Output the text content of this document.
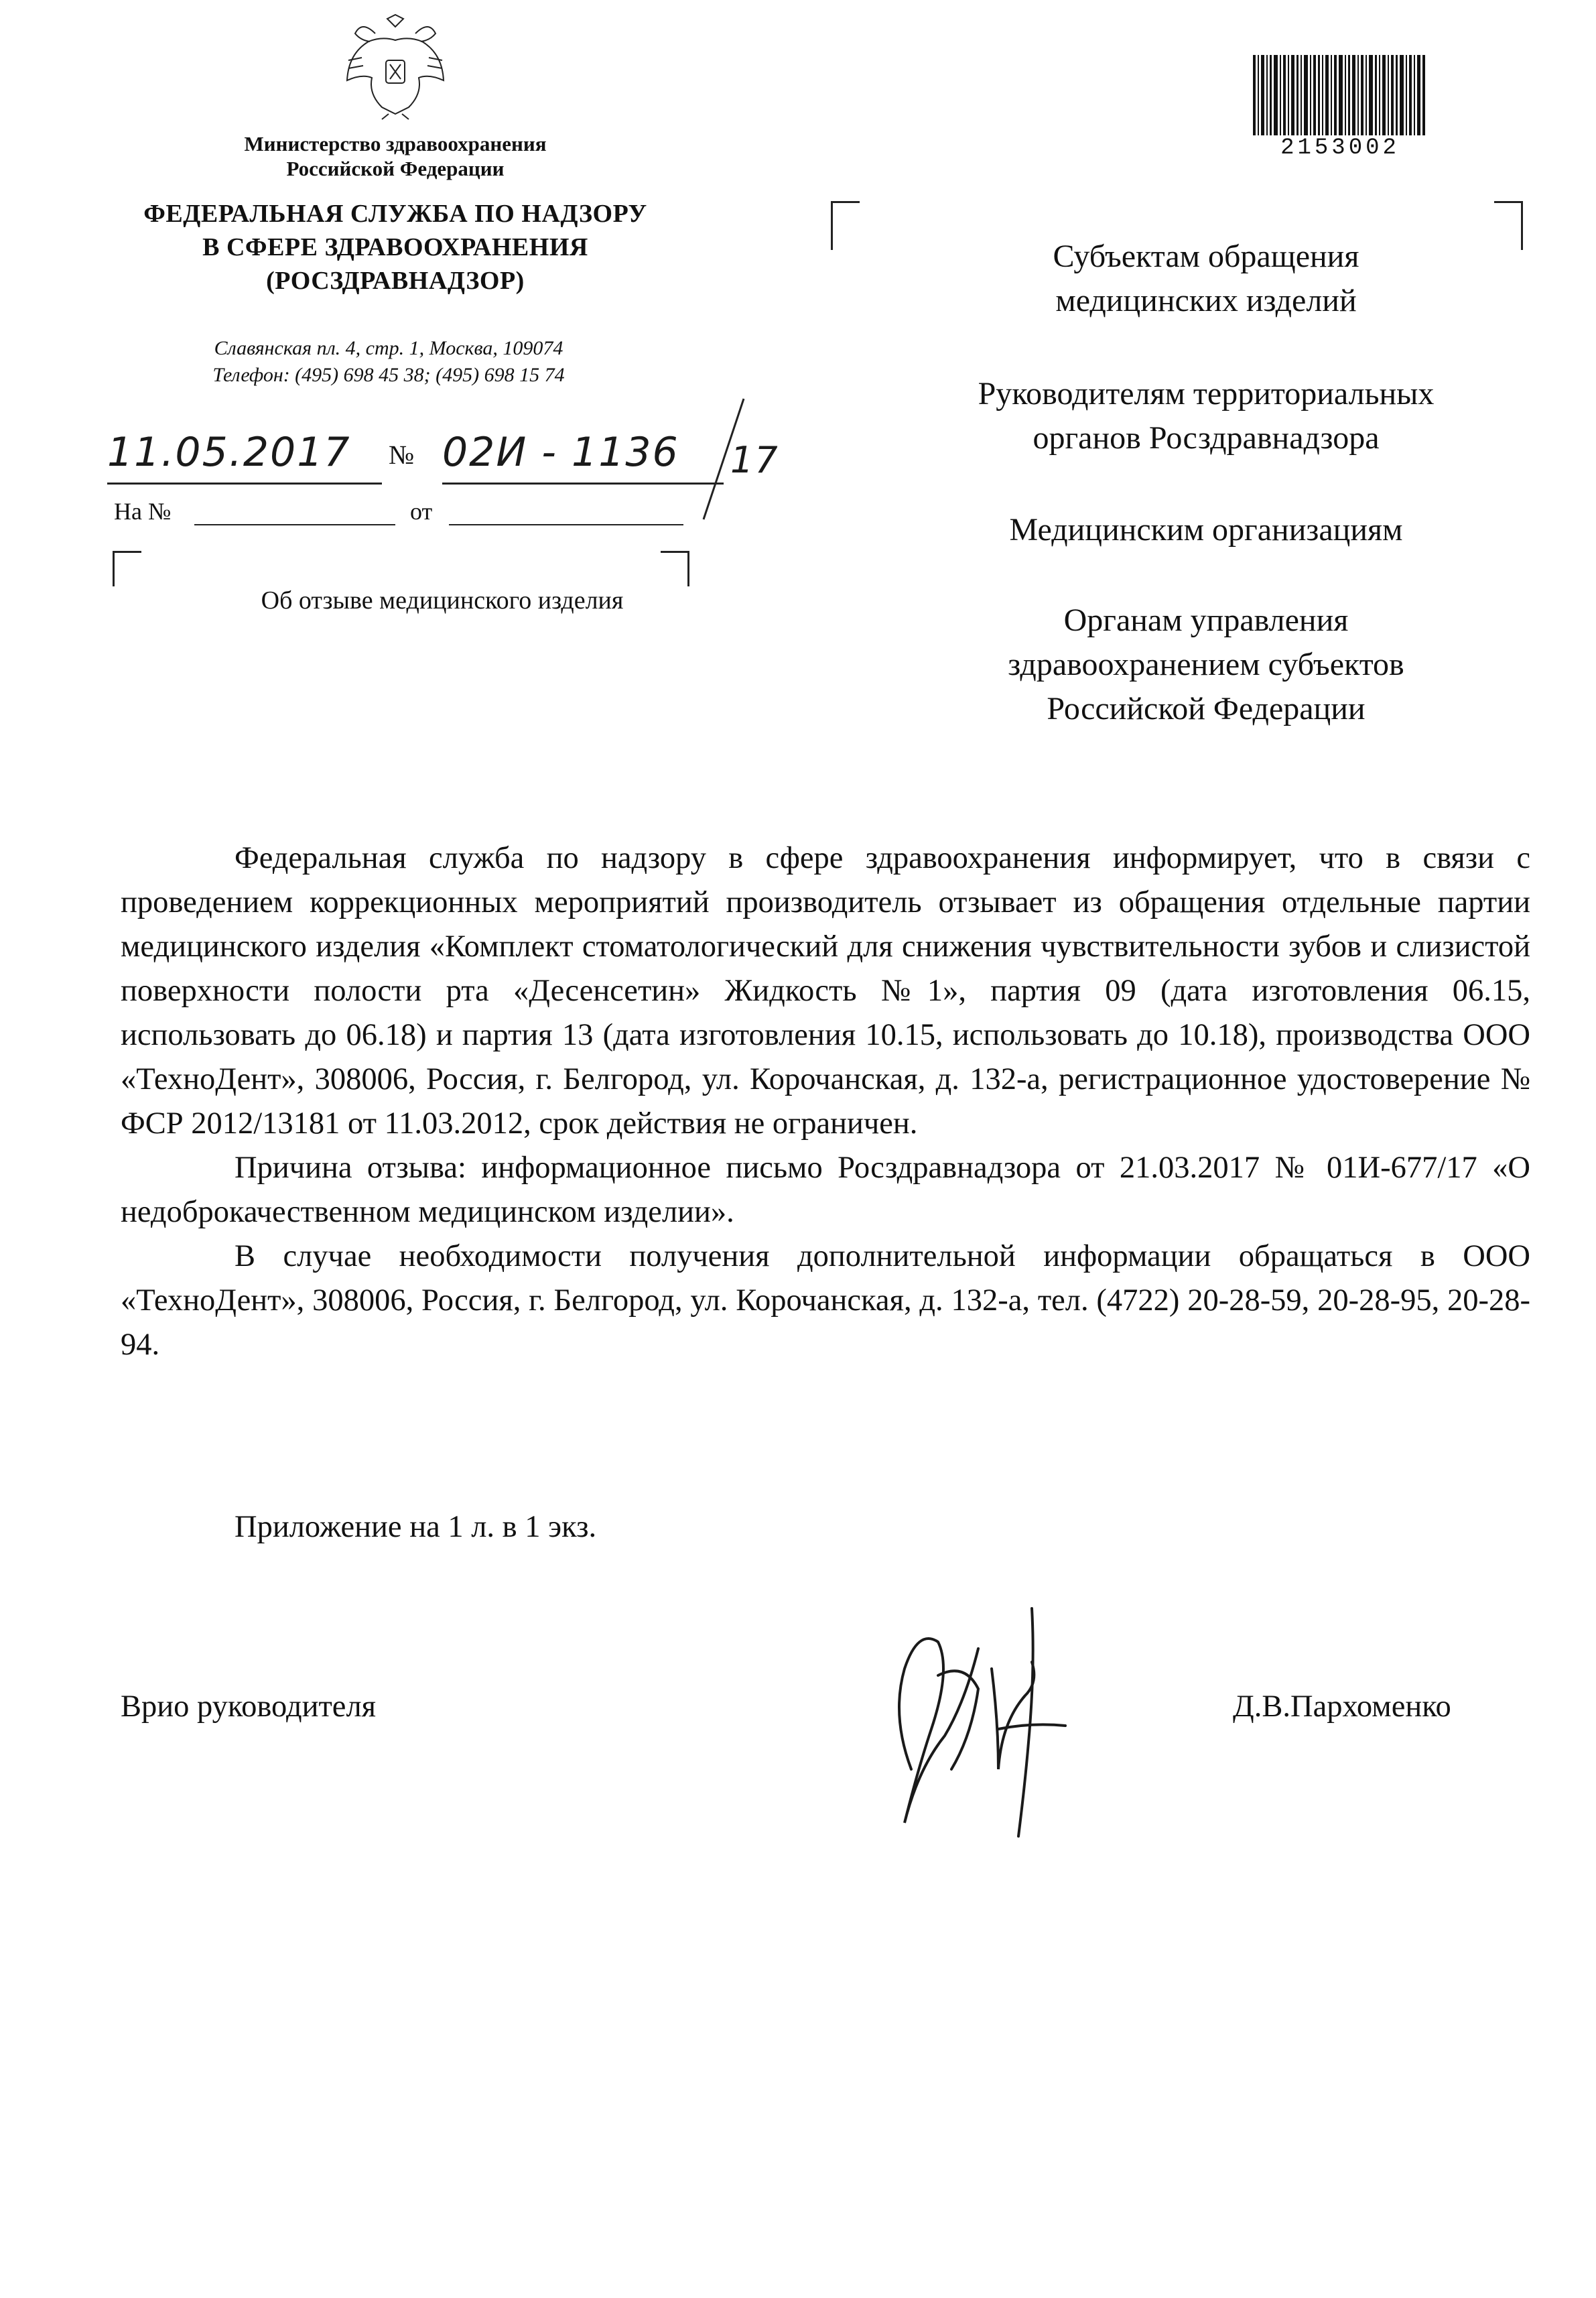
Министерство здравоохранения
Российской Федерации
ФЕДЕРАЛЬНАЯ СЛУЖБА ПО НАДЗОРУ
В СФЕРЕ ЗДРАВООХРАНЕНИЯ
(РОСЗДРАВНАДЗОР)
Славянская пл. 4, стр. 1, Москва, 109074
Телефон: (495) 698 45 38; (495) 698 15 74
11.05.2017 № 02И - 1136 17
На №	от
Об отзыве медицинского изделия
2153002
Субъектам обращения
медицинских изделий
Руководителям территориальных
органов Росздравнадзора
Медицинским организациям
Органам управления
здравоохранением субъектов
Российской Федерации

Федеральная служба по надзору в сфере здравоохранения информирует, что в связи с проведением коррекционных мероприятий производитель отзывает из обращения отдельные партии медицинского изделия «Комплект стоматологический для снижения чувствительности зубов и слизистой поверхности полости рта «Десенсетин» Жидкость №1», партия 09 (дата изготовления 06.15, использовать до 06.18) и партия 13 (дата изготовления 10.15, использовать до 10.18), производства ООО «ТехноДент», 308006, Россия, г. Белгород, ул. Корочанская, д. 132-а, регистрационное удостоверение № ФСР 2012/13181 от 11.03.2012, срок действия не ограничен.

Причина отзыва: информационное письмо Росздравнадзора от 21.03.2017 № 01И-677/17 «О недоброкачественном медицинском изделии».

В случае необходимости получения дополнительной информации обращаться в ООО «ТехноДент», 308006, Россия, г. Белгород, ул. Корочанская, д. 132-а, тел. (4722) 20-28-59, 20-28-95, 20-28-94.

Приложение на 1 л. в 1 экз.
Врио руководителя	Д.В.Пархоменко
